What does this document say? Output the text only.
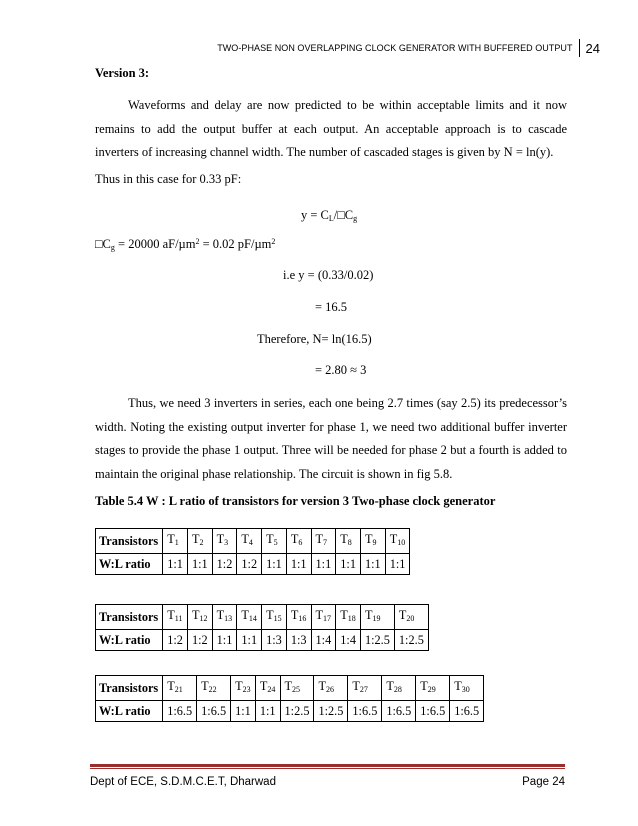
TWO-PHASE NON OVERLAPPING CLOCK GENERATOR WITH BUFFERED OUTPUT	24

Version 3:

Waveforms and delay are now predicted to be within acceptable limits and it now remains to add the output buffer at each output. An acceptable approach is to cascade inverters of increasing channel width. The number of cascaded stages is given by N = ln(y).

Thus in this case for 0.33 pF:

$y = C_L/□C_g$

$□C_g = 20000$ aF/µm$^2$ = 0.02 pF/µm$^2$

i.e y = (0.33/0.02)

= 16.5

Therefore, N= ln(16.5)

= 2.80 ≈ 3

Thus, we need 3 inverters in series, each one being 2.7 times (say 2.5) its predecessor’s width. Noting the existing output inverter for phase 1, we need two additional buffer inverter stages to provide the phase 1 output. Three will be needed for phase 2 but a fourth is added to maintain the original phase relationship. The circuit is shown in fig 5.8.

Table 5.4 W : L ratio of transistors for version 3 Two-phase clock generator

Transistors	$T_1$	$T_2$	$T_3$	$T_4$	$T_5$	$T_6$	$T_7$	$T_8$	$T_9$	$T_{10}$
W:L ratio	1:1	1:1	1:2	1:2	1:1	1:1	1:1	1:1	1:1	1:1
Transistors	$T_{11}$	$T_{12}$	$T_{13}$	$T_{14}$	$T_{15}$	$T_{16}$	$T_{17}$	$T_{18}$	$T_{19}$	$T_{20}$
W:L ratio	1:2	1:2	1:1	1:1	1:3	1:3	1:4	1:4	1:2.5	1:2.5
Transistors	$T_{21}$	$T_{22}$	$T_{23}$	$T_{24}$	$T_{25}$	$T_{26}$	$T_{27}$	$T_{28}$	$T_{29}$	$T_{30}$
W:L ratio	1:6.5	1:6.5	1:1	1:1	1:2.5	1:2.5	1:6.5	1:6.5	1:6.5	1:6.5
Dept of ECE, S.D.M.C.E.T, Dharwad	Page 24
